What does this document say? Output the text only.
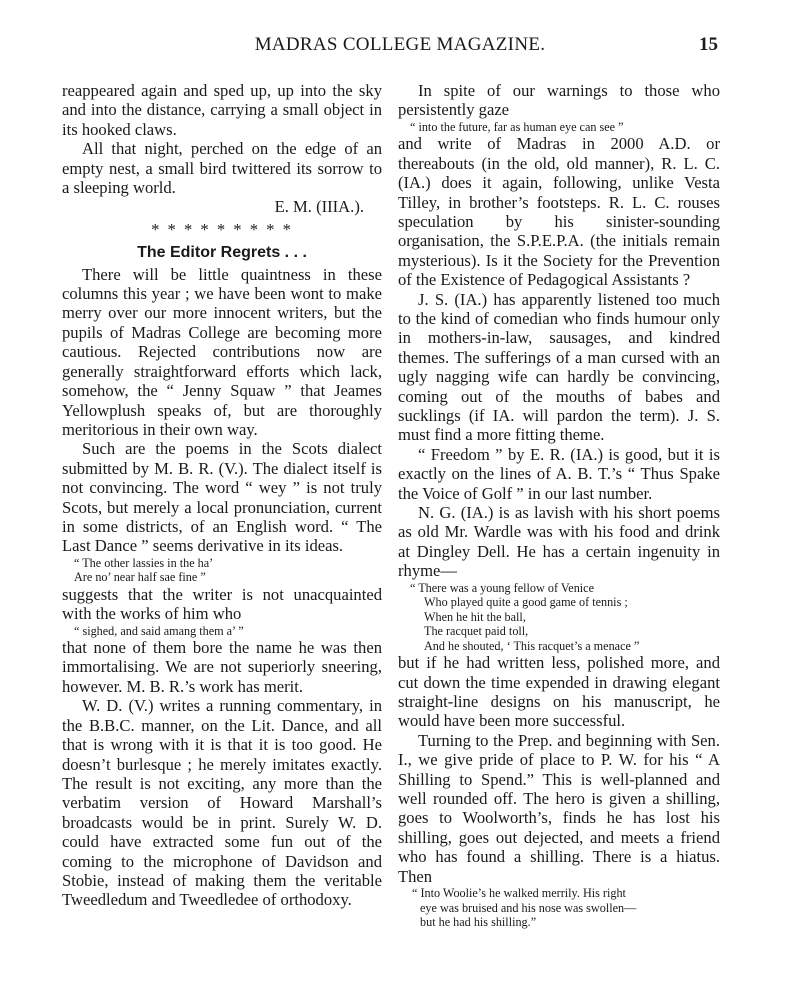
MADRAS COLLEGE MAGAZINE.	15

reappeared again and sped up, up into the sky and into the distance, carrying a small object in its hooked claws.

All that night, perched on the edge of an empty nest, a small bird twittered its sorrow to a sleeping world.

E. M. (IIIA.).

* * * * * * * * *

The Editor Regrets . . .

There will be little quaintness in these columns this year ; we have been wont to make merry over our more innocent writers, but the pupils of Madras College are becoming more cautious. Rejected contributions now are generally straightforward efforts which lack, somehow, the “ Jenny Squaw ” that Jeames Yellowplush speaks of, but are thoroughly meritorious in their own way.

Such are the poems in the Scots dialect submitted by M. B. R. (V.). The dialect itself is not convincing. The word “ wey ” is not truly Scots, but merely a local pronunciation, current in some districts, of an English word. “ The Last Dance ” seems derivative in its ideas.

“ The other lassies in the ha’

Are no’ near half sae fine ”

suggests that the writer is not unacquainted with the works of him who

“ sighed, and said amang them a’ ”

that none of them bore the name he was then immortalising. We are not superiorly sneering, however. M. B. R.’s work has merit.

W. D. (V.) writes a running commentary, in the B.B.C. manner, on the Lit. Dance, and all that is wrong with it is that it is too good. He doesn’t burlesque ; he merely imitates exactly. The result is not exciting, any more than the verbatim version of Howard Marshall’s broadcasts would be in print. Surely W. D. could have extracted some fun out of the coming to the microphone of Davidson and Stobie, instead of making them the veritable Tweedledum and Tweedledee of orthodoxy.

In spite of our warnings to those who persistently gaze

“ into the future, far as human eye can see ”

and write of Madras in 2000 A.D. or thereabouts (in the old, old manner), R. L. C. (IA.) does it again, following, unlike Vesta Tilley, in brother’s footsteps. R. L. C. rouses speculation by his sinister-sounding organisation, the S.P.E.P.A. (the initials remain mysterious). Is it the Society for the Prevention of the Existence of Pedagogical Assistants ?

J. S. (IA.) has apparently listened too much to the kind of comedian who finds humour only in mothers-in-law, sausages, and kindred themes. The sufferings of a man cursed with an ugly nagging wife can hardly be convincing, coming out of the mouths of babes and sucklings (if IA. will pardon the term). J. S. must find a more fitting theme.

“ Freedom ” by E. R. (IA.) is good, but it is exactly on the lines of A. B. T.’s “ Thus Spake the Voice of Golf ” in our last number.

N. G. (IA.) is as lavish with his short poems as old Mr. Wardle was with his food and drink at Dingley Dell. He has a certain ingenuity in rhyme—

“ There was a young fellow of Venice

Who played quite a good game of tennis ;

When he hit the ball,

The racquet paid toll,

And he shouted, ‘ This racquet’s a menace ”

but if he had written less, polished more, and cut down the time expended in drawing elegant straight-line designs on his manuscript, he would have been more successful.

Turning to the Prep. and beginning with Sen. I., we give pride of place to P. W. for his “ A Shilling to Spend.” This is well-planned and well rounded off. The hero is given a shilling, goes to Woolworth’s, finds he has lost his shilling, goes out dejected, and meets a friend who has found a shilling. There is a hiatus. Then

“ Into Woolie’s he walked merrily. His right

eye was bruised and his nose was swollen—

but he had his shilling.”
